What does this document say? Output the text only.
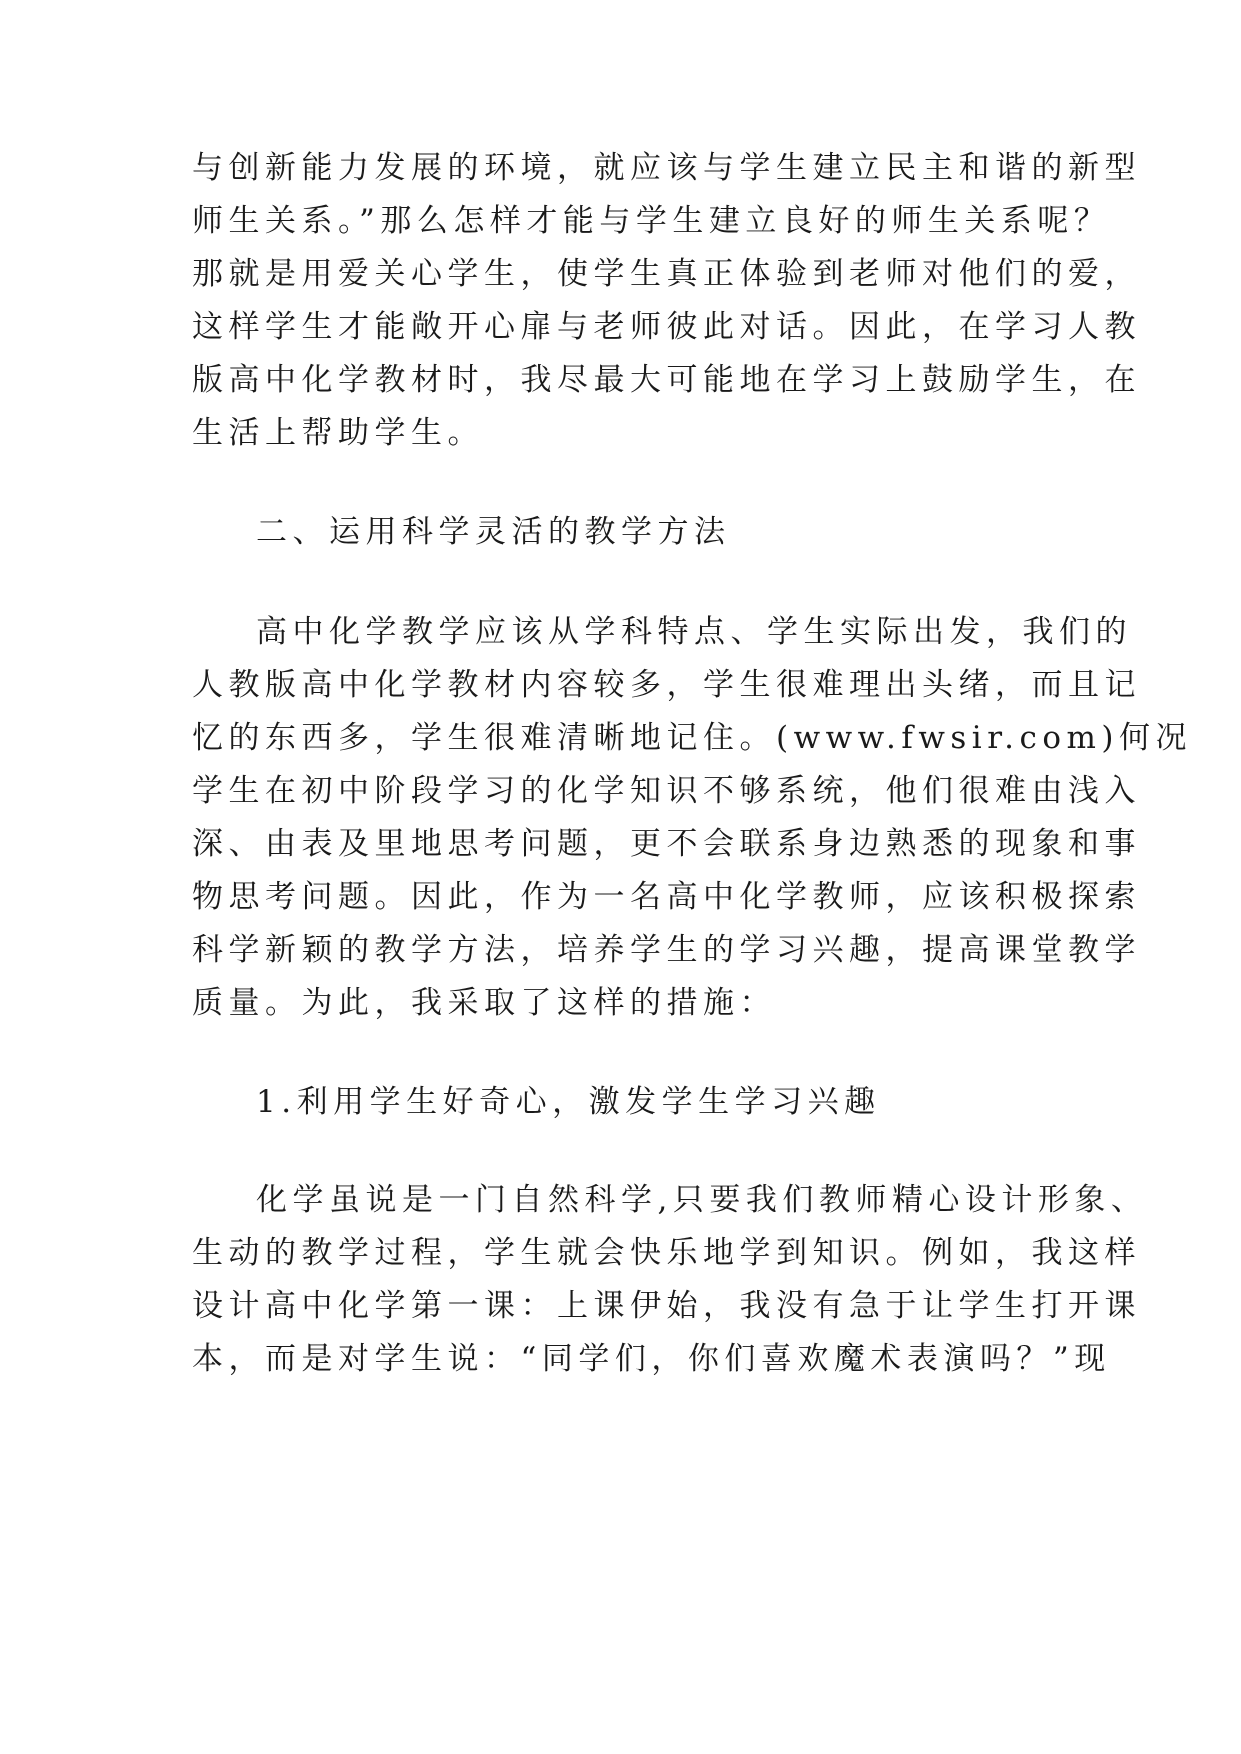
与创新能力发展的环境，就应该与学生建立民主和谐的新型
师生关系。”那么怎样才能与学生建立良好的师生关系呢？
那就是用爱关心学生，使学生真正体验到老师对他们的爱，
这样学生才能敞开心扉与老师彼此对话。因此，在学习人教
版高中化学教材时，我尽最大可能地在学习上鼓励学生，在
生活上帮助学生。
二、运用科学灵活的教学方法
高中化学教学应该从学科特点、学生实际出发，我们的
人教版高中化学教材内容较多，学生很难理出头绪，而且记
忆的东西多，学生很难清晰地记住。(www.fwsir.com)何况
学生在初中阶段学习的化学知识不够系统，他们很难由浅入
深、由表及里地思考问题，更不会联系身边熟悉的现象和事
物思考问题。因此，作为一名高中化学教师，应该积极探索
科学新颖的教学方法，培养学生的学习兴趣，提高课堂教学
质量。为此，我采取了这样的措施：
1.利用学生好奇心，激发学生学习兴趣
化学虽说是一门自然科学,只要我们教师精心设计形象、
生动的教学过程，学生就会快乐地学到知识。例如，我这样
设计高中化学第一课：上课伊始，我没有急于让学生打开课
本，而是对学生说：“同学们，你们喜欢魔术表演吗？”现
